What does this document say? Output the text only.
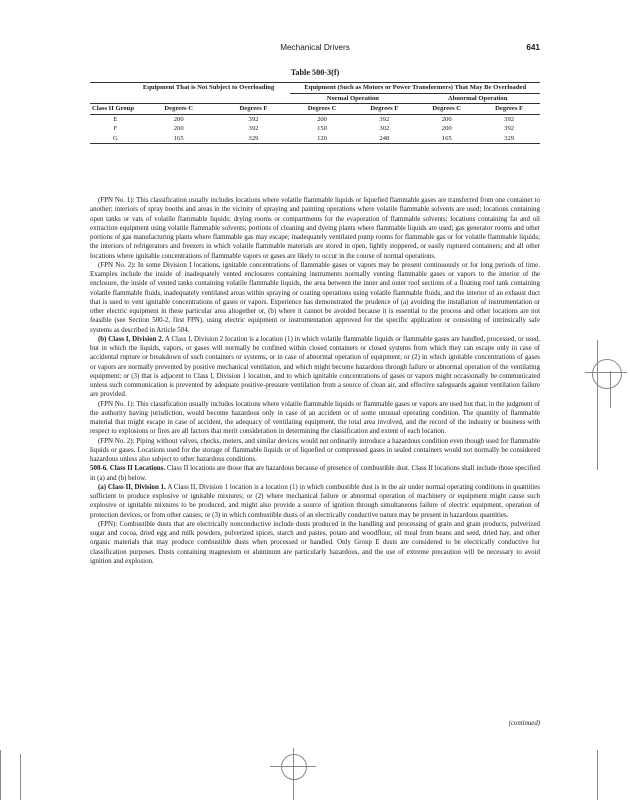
Mechanical Drivers	641
Table 500-3(f)
	Equipment That is Not Subject to Overloading		Equipment (Such as Motors or Power Transformers) That May Be Overloaded			
			Normal Operation		Abnormal Operation	
Class II Group	Degrees C	Degrees F	Degrees C	Degrees F	Degrees C	Degrees F
E	200	392	200	392	200	392
F	200	392	150	302	200	392
G	165	329	120	248	165	329

(FPN No. 1): This classification usually includes locations where volatile flammable liquids or liquefied flammable gases are transferred from one container to another; interiors of spray booths and areas in the vicinity of spraying and painting operations where volatile flammable solvents are used; locations containing open tanks or vats of volatile flammable liquids; drying rooms or compartments for the evaporation of flammable solvents; locations containing fat and oil extraction equipment using volatile flammable solvents; portions of cleaning and dyeing plants where flammable liquids are used; gas generator rooms and other portions of gas manufacturing plants where flammable gas may escape; inadequately ventilated pump rooms for flammable gas or for volatile flammable liquids; the interiors of refrigerators and freezers in which volatile flammable materials are stored in open, lightly stoppered, or easily ruptured containers; and all other locations where ignitable concentrations of flammable vapors or gases are likely to occur in the course of normal operations.

(FPN No. 2): In some Division I locations, ignitable concentrations of flammable gases or vapors may be present continuously or for long periods of time. Examples include the inside of inadequately vented enclosures containing instruments normally venting flammable gases or vapors to the interior of the enclosure, the inside of vented tanks containing volatile flammable liquids, the area between the inner and outer roof sections of a floating roof tank containing volatile flammable fluids, inadequately ventilated areas within spraying or coating operations using volatile flammable fluids, and the interior of an exhaust duct that is used to vent ignitable concentrations of gases or vapors. Experience has demonstrated the prudence of (a) avoiding the installation of instrumentation or other electric equipment in these particular area altogether or, (b) where it cannot be avoided because it is essential to the process and other locations are not feasible (see Section 500-2, first FPN), using electric equipment or instrumentation approved for the specific application or consisting of intrinsically safe systems as described in Article 504.

(b) Class I, Division 2. A Class I, Division 2 location is a location (1) in which volatile flammable liquids or flammable gases are handled, processed, or used, but in which the liquids, vapors, or gases will normally be confined within closed containers or closed systems from which they can escape only in case of accidental rupture or breakdown of such containers or systems, or in case of abnormal operation of equipment; or (2) in which ignitable concentrations of gases or vapors are normally prevented by positive mechanical ventilation, and which might become hazardous through failure or abnormal operation of the ventilating equipment; or (3) that is adjacent to Class I, Division 1 location, and to which ignitable concentrations of gases or vapors might occasionally be communicated unless such communication is prevented by adequate positive-pressure ventilation from a source of clean air, and effective safeguards against ventilation failure are provided.

(FPN No. 1): This classification usually includes locations where volatile flammable liquids or flammable gases or vapors are used but that, in the judgment of the authority having jurisdiction, would become hazardous only in case of an accident or of some unusual operating condition. The quantity of flammable material that might escape in case of accident, the adequacy of ventilating equipment, the total area involved, and the record of the industry or business with respect to explosions or fires are all factors that merit consideration in determining the classification and extent of each location.

(FPN No. 2): Piping without valves, checks, meters, and similar devices would not ordinarily introduce a hazardous condition even though used for flammable liquids or gases. Locations used for the storage of flammable liquids or of liquefied or compressed gases in sealed containers would not normally be considered hazardous unless also subject to other hazardous conditions.

500-6. Class II Locations. Class II locations are those that are hazardous because of presence of combustible dust. Class II locations shall include those specified in (a) and (b) below.

(a) Class II, Division 1. A Class II, Division 1 location is a location (1) in which combustible dust is in the air under normal operating conditions in quantities sufficient to produce explosive or ignitable mixtures; or (2) where mechanical failure or abnormal operation of machinery or equipment might cause such explosive or ignitable mixtures to be produced, and might also provide a source of ignition through simultaneous failure of electric equipment, operation of protection devices, or from other causes; or (3) in which combustible dusts of an electrically conductive nature may be present in hazardous quantities.

(FPN): Combustible dusts that are electrically nonconductive include dusts produced in the handling and processing of grain and grain products, pulverized sugar and cocoa, dried egg and milk powders, pulverized spices, starch and pastes, potato and woodflour, oil meal from beans and seed, dried hay, and other organic materials that may produce combustible dusts when processed or handled. Only Group E dusts are considered to be electrically conductive for classification purposes. Dusts containing magnesium or aluminum are particularly hazardous, and the use of extreme precaution will be necessary to avoid ignition and explosion.

(continued)
